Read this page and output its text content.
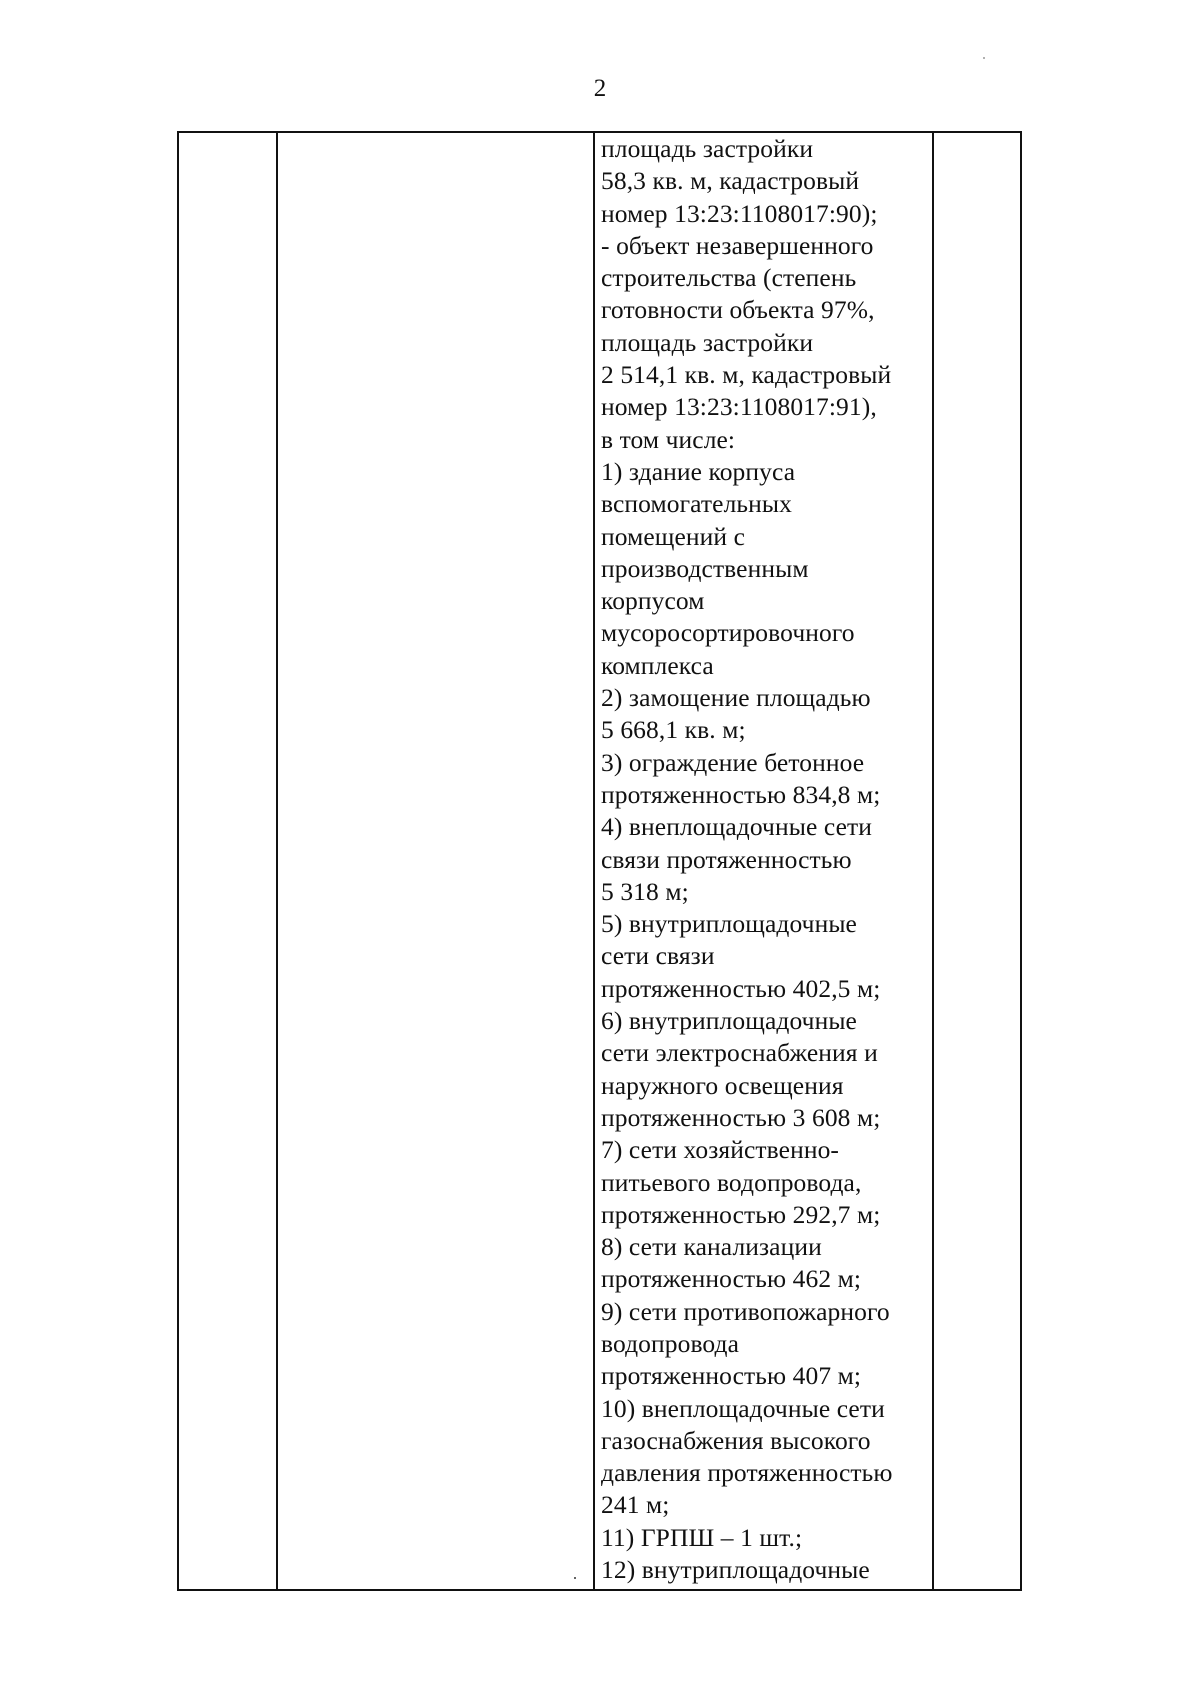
2
площадь застройки
58,3 кв. м, кадастровый
номер 13:23:1108017:90);
- объект незавершенного
строительства (степень
готовности объекта 97%,
площадь застройки
2 514,1 кв. м, кадастровый
номер 13:23:1108017:91),
в том числе:
1) здание корпуса
вспомогательных
помещений с
производственным
корпусом
мусоросортировочного
комплекса
2) замощение площадью
5 668,1 кв. м;
3) ограждение бетонное
протяженностью 834,8 м;
4) внеплощадочные сети
связи протяженностью
5 318 м;
5) внутриплощадочные
сети связи
протяженностью 402,5 м;
6) внутриплощадочные
сети электроснабжения и
наружного освещения
протяженностью 3 608 м;
7) сети хозяйственно-
питьевого водопровода,
протяженностью 292,7 м;
8) сети канализации
протяженностью 462 м;
9) сети противопожарного
водопровода
протяженностью 407 м;
10) внеплощадочные сети
газоснабжения высокого
давления протяженностью
241 м;
11) ГРПШ – 1 шт.;
12) внутриплощадочные
